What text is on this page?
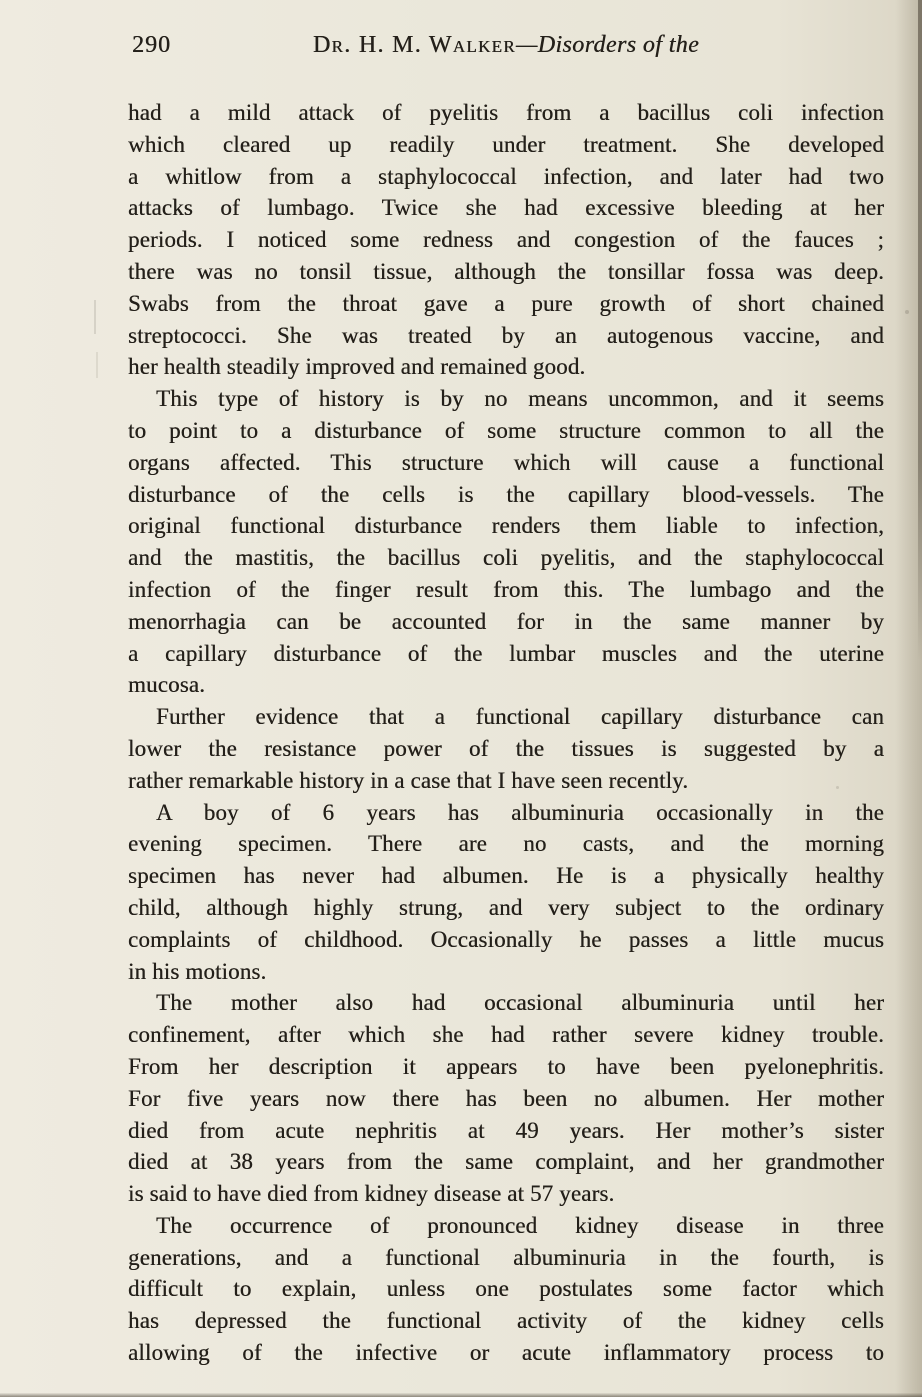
290	Dr. H. M. Walker—Disorders of the
had a mild attack of pyelitis from a bacillus coli infection
which cleared up readily under treatment. She developed
a whitlow from a staphylococcal infection, and later had two
attacks of lumbago. Twice she had excessive bleeding at her
periods. I noticed some redness and congestion of the fauces ;
there was no tonsil tissue, although the tonsillar fossa was deep.
Swabs from the throat gave a pure growth of short chained
streptococci. She was treated by an autogenous vaccine, and
her health steadily improved and remained good.
This type of history is by no means uncommon, and it seems
to point to a disturbance of some structure common to all the
organs affected. This structure which will cause a functional
disturbance of the cells is the capillary blood-vessels. The
original functional disturbance renders them liable to infection,
and the mastitis, the bacillus coli pyelitis, and the staphylococcal
infection of the finger result from this. The lumbago and the
menorrhagia can be accounted for in the same manner by
a capillary disturbance of the lumbar muscles and the uterine
mucosa.
Further evidence that a functional capillary disturbance can
lower the resistance power of the tissues is suggested by a
rather remarkable history in a case that I have seen recently.
A boy of 6 years has albuminuria occasionally in the
evening specimen. There are no casts, and the morning
specimen has never had albumen. He is a physically healthy
child, although highly strung, and very subject to the ordinary
complaints of childhood. Occasionally he passes a little mucus
in his motions.
The mother also had occasional albuminuria until her
confinement, after which she had rather severe kidney trouble.
From her description it appears to have been pyelonephritis.
For five years now there has been no albumen. Her mother
died from acute nephritis at 49 years. Her mother’s sister
died at 38 years from the same complaint, and her grandmother
is said to have died from kidney disease at 57 years.
The occurrence of pronounced kidney disease in three
generations, and a functional albuminuria in the fourth, is
difficult to explain, unless one postulates some factor which
has depressed the functional activity of the kidney cells
allowing of the infective or acute inflammatory process to
